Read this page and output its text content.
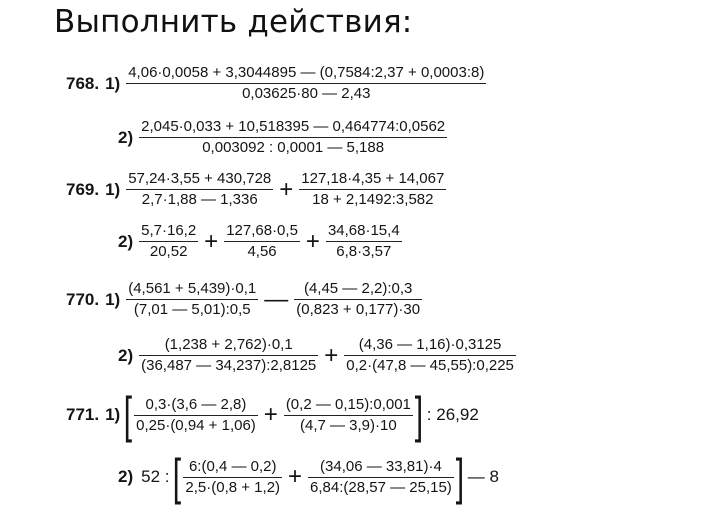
Выполнить действия:
768. $1) \frac{4,06\cdot 0,0058 + 3,3044895 — (0,7584:2,37 + 0,0003:8)}{0,03625\cdot 80 — 2,43}$
$2) \frac{2,045\cdot 0,033 + 10,518395 — 0,464774:0,0562}{0,003092 : 0,0001 — 5,188}$
769. $1) \frac{57,24\cdot 3,55 + 430,728}{2,7\cdot 1,88 — 1,336} + \frac{127,18\cdot 4,35 + 14,067}{18 + 2,1492:3,582}$
$2) \frac{5,7\cdot 16,2}{20,52} + \frac{127,68\cdot 0,5}{4,56} + \frac{34,68\cdot 15,4}{6,8\cdot 3,57}$
770. $1) \frac{(4,561 + 5,439)\cdot 0,1}{(7,01 — 5,01):0,5}$ — $\frac{(4,45 — 2,2):0,3}{(0,823 + 0,177)\cdot 30}$
$2) \frac{(1,238 + 2,762)\cdot 0,1}{(36,487 — 34,237):2,8125} + \frac{(4,36 — 1,16)\cdot 0,3125}{0,2\cdot(47,8 — 45,55):0,225}$
771. 1) [ $\frac{0,3\cdot(3,6 — 2,8)}{0,25\cdot(0,94 + 1,06)} + \frac{(0,2 — 0,15):0,001}{(4,7 — 3,9)\cdot 10}$ ] : 26,92
2) 52 : [ $\frac{6:(0,4 — 0,2)}{2,5\cdot(0,8 + 1,2)} + \frac{(34,06 — 33,81)\cdot 4}{6,84:(28,57 — 25,15)}$ ] — 8
